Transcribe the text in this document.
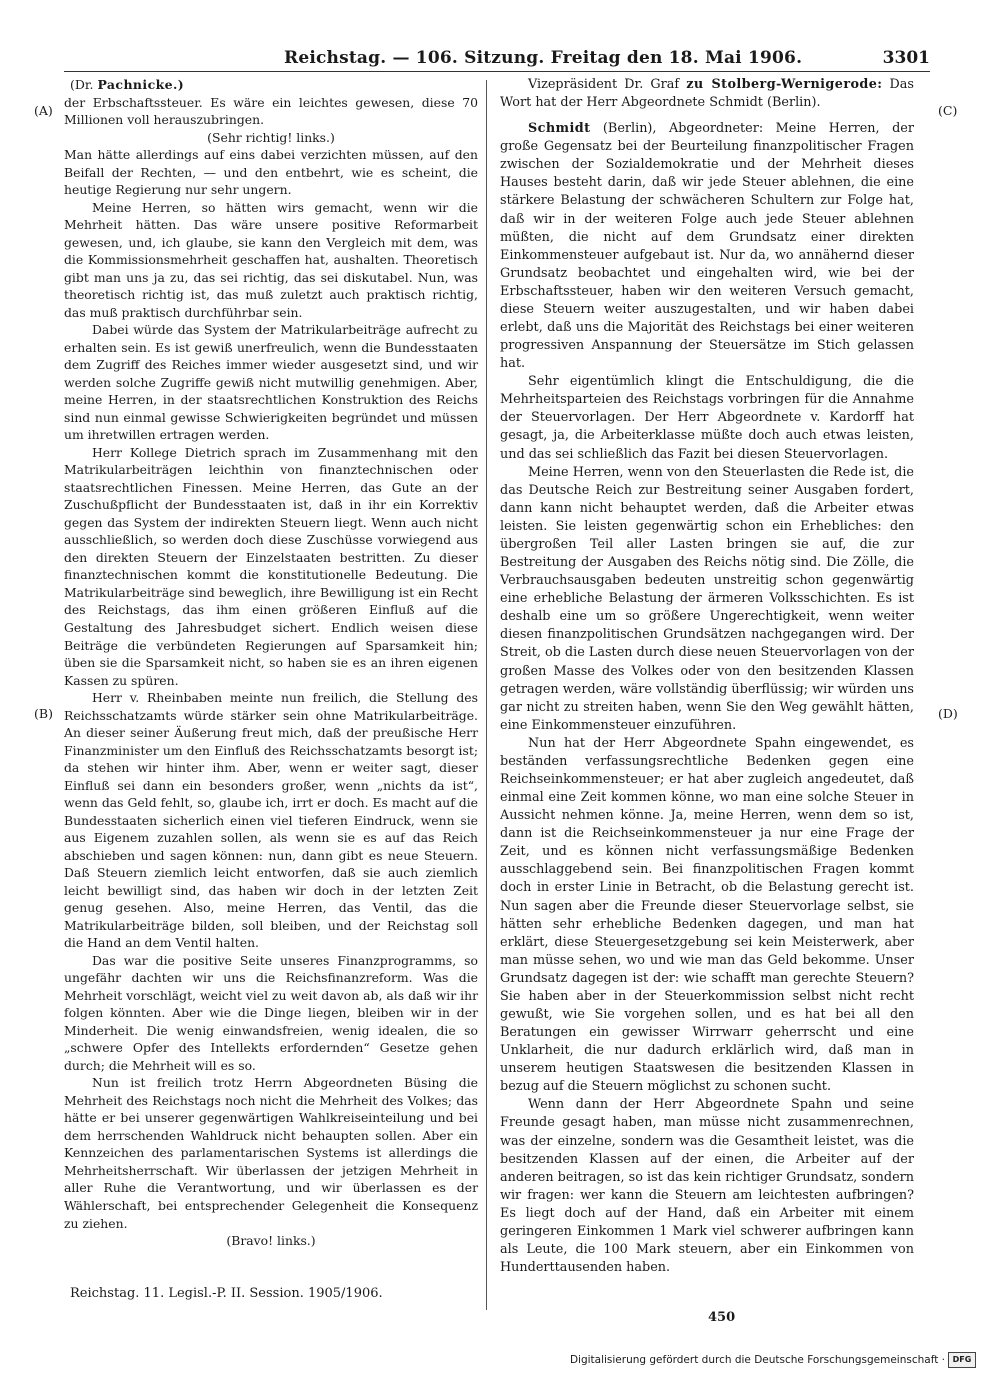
Reichstag. — 106. Sitzung. Freitag den 18. Mai 1906.	3301
(A)
(B)
(C)
(D)

(Dr. Pachnicke.)

der Erbschaftssteuer. Es wäre ein leichtes gewesen, diese 70 Millionen voll herauszubringen.

(Sehr richtig! links.)

Man hätte allerdings auf eins dabei verzichten müssen, auf den Beifall der Rechten, — und den entbehrt, wie es scheint, die heutige Regierung nur sehr ungern.

Meine Herren, so hätten wirs gemacht, wenn wir die Mehrheit hätten. Das wäre unsere positive Reformarbeit gewesen, und, ich glaube, sie kann den Vergleich mit dem, was die Kommissionsmehrheit geschaffen hat, aushalten. Theoretisch gibt man uns ja zu, das sei richtig, das sei diskutabel. Nun, was theoretisch richtig ist, das muß zuletzt auch praktisch richtig, das muß praktisch durchführbar sein.

Dabei würde das System der Matrikularbeiträge aufrecht zu erhalten sein. Es ist gewiß unerfreulich, wenn die Bundesstaaten dem Zugriff des Reiches immer wieder ausgesetzt sind, und wir werden solche Zugriffe gewiß nicht mutwillig genehmigen. Aber, meine Herren, in der staatsrechtlichen Konstruktion des Reichs sind nun einmal gewisse Schwierigkeiten begründet und müssen um ihretwillen ertragen werden.

Herr Kollege Dietrich sprach im Zusammenhang mit den Matrikularbeiträgen leichthin von finanztechnischen oder staatsrechtlichen Finessen. Meine Herren, das Gute an der Zuschußpflicht der Bundesstaaten ist, daß in ihr ein Korrektiv gegen das System der indirekten Steuern liegt. Wenn auch nicht ausschließlich, so werden doch diese Zuschüsse vorwiegend aus den direkten Steuern der Einzelstaaten bestritten. Zu dieser finanztechnischen kommt die konstitutionelle Bedeutung. Die Matrikularbeiträge sind beweglich, ihre Bewilligung ist ein Recht des Reichstags, das ihm einen größeren Einfluß auf die Gestaltung des Jahresbudget sichert. Endlich weisen diese Beiträge die verbündeten Regierungen auf Sparsamkeit hin; üben sie die Sparsamkeit nicht, so haben sie es an ihren eigenen Kassen zu spüren.

Herr v. Rheinbaben meinte nun freilich, die Stellung des Reichsschatzamts würde stärker sein ohne Matrikularbeiträge. An dieser seiner Äußerung freut mich, daß der preußische Herr Finanzminister um den Einfluß des Reichsschatzamts besorgt ist; da stehen wir hinter ihm. Aber, wenn er weiter sagt, dieser Einfluß sei dann ein besonders großer, wenn „nichts da ist“, wenn das Geld fehlt, so, glaube ich, irrt er doch. Es macht auf die Bundesstaaten sicherlich einen viel tieferen Eindruck, wenn sie aus Eigenem zuzahlen sollen, als wenn sie es auf das Reich abschieben und sagen können: nun, dann gibt es neue Steuern. Daß Steuern ziemlich leicht entworfen, daß sie auch ziemlich leicht bewilligt sind, das haben wir doch in der letzten Zeit genug gesehen. Also, meine Herren, das Ventil, das die Matrikularbeiträge bilden, soll bleiben, und der Reichstag soll die Hand an dem Ventil halten.

Das war die positive Seite unseres Finanzprogramms, so ungefähr dachten wir uns die Reichsfinanzreform. Was die Mehrheit vorschlägt, weicht viel zu weit davon ab, als daß wir ihr folgen könnten. Aber wie die Dinge liegen, bleiben wir in der Minderheit. Die wenig einwandsfreien, wenig idealen, die so „schwere Opfer des Intellekts erfordernden“ Gesetze gehen durch; die Mehrheit will es so.

Nun ist freilich trotz Herrn Abgeordneten Büsing die Mehrheit des Reichstags noch nicht die Mehrheit des Volkes; das hätte er bei unserer gegenwärtigen Wahlkreiseinteilung und bei dem herrschenden Wahldruck nicht behaupten sollen. Aber ein Kennzeichen des parlamentarischen Systems ist allerdings die Mehrheitsherrschaft. Wir überlassen der jetzigen Mehrheit in aller Ruhe die Verantwortung, und wir überlassen es der Wählerschaft, bei entsprechender Gelegenheit die Konsequenz zu ziehen.

(Bravo! links.)

Vizepräsident Dr. Graf zu Stolberg-Wernigerode: Das Wort hat der Herr Abgeordnete Schmidt (Berlin).

Schmidt (Berlin), Abgeordneter: Meine Herren, der große Gegensatz bei der Beurteilung finanzpolitischer Fragen zwischen der Sozialdemokratie und der Mehrheit dieses Hauses besteht darin, daß wir jede Steuer ablehnen, die eine stärkere Belastung der schwächeren Schultern zur Folge hat, daß wir in der weiteren Folge auch jede Steuer ablehnen müßten, die nicht auf dem Grundsatz einer direkten Einkommensteuer aufgebaut ist. Nur da, wo annähernd dieser Grundsatz beobachtet und eingehalten wird, wie bei der Erbschaftssteuer, haben wir den weiteren Versuch gemacht, diese Steuern weiter auszugestalten, und wir haben dabei erlebt, daß uns die Majorität des Reichstags bei einer weiteren progressiven Anspannung der Steuersätze im Stich gelassen hat.

Sehr eigentümlich klingt die Entschuldigung, die die Mehrheitsparteien des Reichstags vorbringen für die Annahme der Steuervorlagen. Der Herr Abgeordnete v. Kardorff hat gesagt, ja, die Arbeiterklasse müßte doch auch etwas leisten, und das sei schließlich das Fazit bei diesen Steuervorlagen.

Meine Herren, wenn von den Steuerlasten die Rede ist, die das Deutsche Reich zur Bestreitung seiner Ausgaben fordert, dann kann nicht behauptet werden, daß die Arbeiter etwas leisten. Sie leisten gegenwärtig schon ein Erhebliches: den übergroßen Teil aller Lasten bringen sie auf, die zur Bestreitung der Ausgaben des Reichs nötig sind. Die Zölle, die Verbrauchsausgaben bedeuten unstreitig schon gegenwärtig eine erhebliche Belastung der ärmeren Volksschichten. Es ist deshalb eine um so größere Ungerechtigkeit, wenn weiter diesen finanzpolitischen Grundsätzen nachgegangen wird. Der Streit, ob die Lasten durch diese neuen Steuervorlagen von der großen Masse des Volkes oder von den besitzenden Klassen getragen werden, wäre vollständig überflüssig; wir würden uns gar nicht zu streiten haben, wenn Sie den Weg gewählt hätten, eine Einkommensteuer einzuführen.

Nun hat der Herr Abgeordnete Spahn eingewendet, es beständen verfassungsrechtliche Bedenken gegen eine Reichseinkommensteuer; er hat aber zugleich angedeutet, daß einmal eine Zeit kommen könne, wo man eine solche Steuer in Aussicht nehmen könne. Ja, meine Herren, wenn dem so ist, dann ist die Reichseinkommensteuer ja nur eine Frage der Zeit, und es können nicht verfassungsmäßige Bedenken ausschlaggebend sein. Bei finanzpolitischen Fragen kommt doch in erster Linie in Betracht, ob die Belastung gerecht ist. Nun sagen aber die Freunde dieser Steuervorlage selbst, sie hätten sehr erhebliche Bedenken dagegen, und man hat erklärt, diese Steuergesetzgebung sei kein Meisterwerk, aber man müsse sehen, wo und wie man das Geld bekomme. Unser Grundsatz dagegen ist der: wie schafft man gerechte Steuern? Sie haben aber in der Steuerkommission selbst nicht recht gewußt, wie Sie vorgehen sollen, und es hat bei all den Beratungen ein gewisser Wirrwarr geherrscht und eine Unklarheit, die nur dadurch erklärlich wird, daß man in unserem heutigen Staatswesen die besitzenden Klassen in bezug auf die Steuern möglichst zu schonen sucht.

Wenn dann der Herr Abgeordnete Spahn und seine Freunde gesagt haben, man müsse nicht zusammenrechnen, was der einzelne, sondern was die Gesamtheit leistet, was die besitzenden Klassen auf der einen, die Arbeiter auf der anderen beitragen, so ist das kein richtiger Grundsatz, sondern wir fragen: wer kann die Steuern am leichtesten aufbringen? Es liegt doch auf der Hand, daß ein Arbeiter mit einem geringeren Einkommen 1 Mark viel schwerer aufbringen kann als Leute, die 100 Mark steuern, aber ein Einkommen von Hunderttausenden haben.

Reichstag. 11. Legisl.-P. II. Session. 1905/1906.
450
Digitalisierung gefördert durch die Deutsche Forschungsgemeinschaft · DFG
